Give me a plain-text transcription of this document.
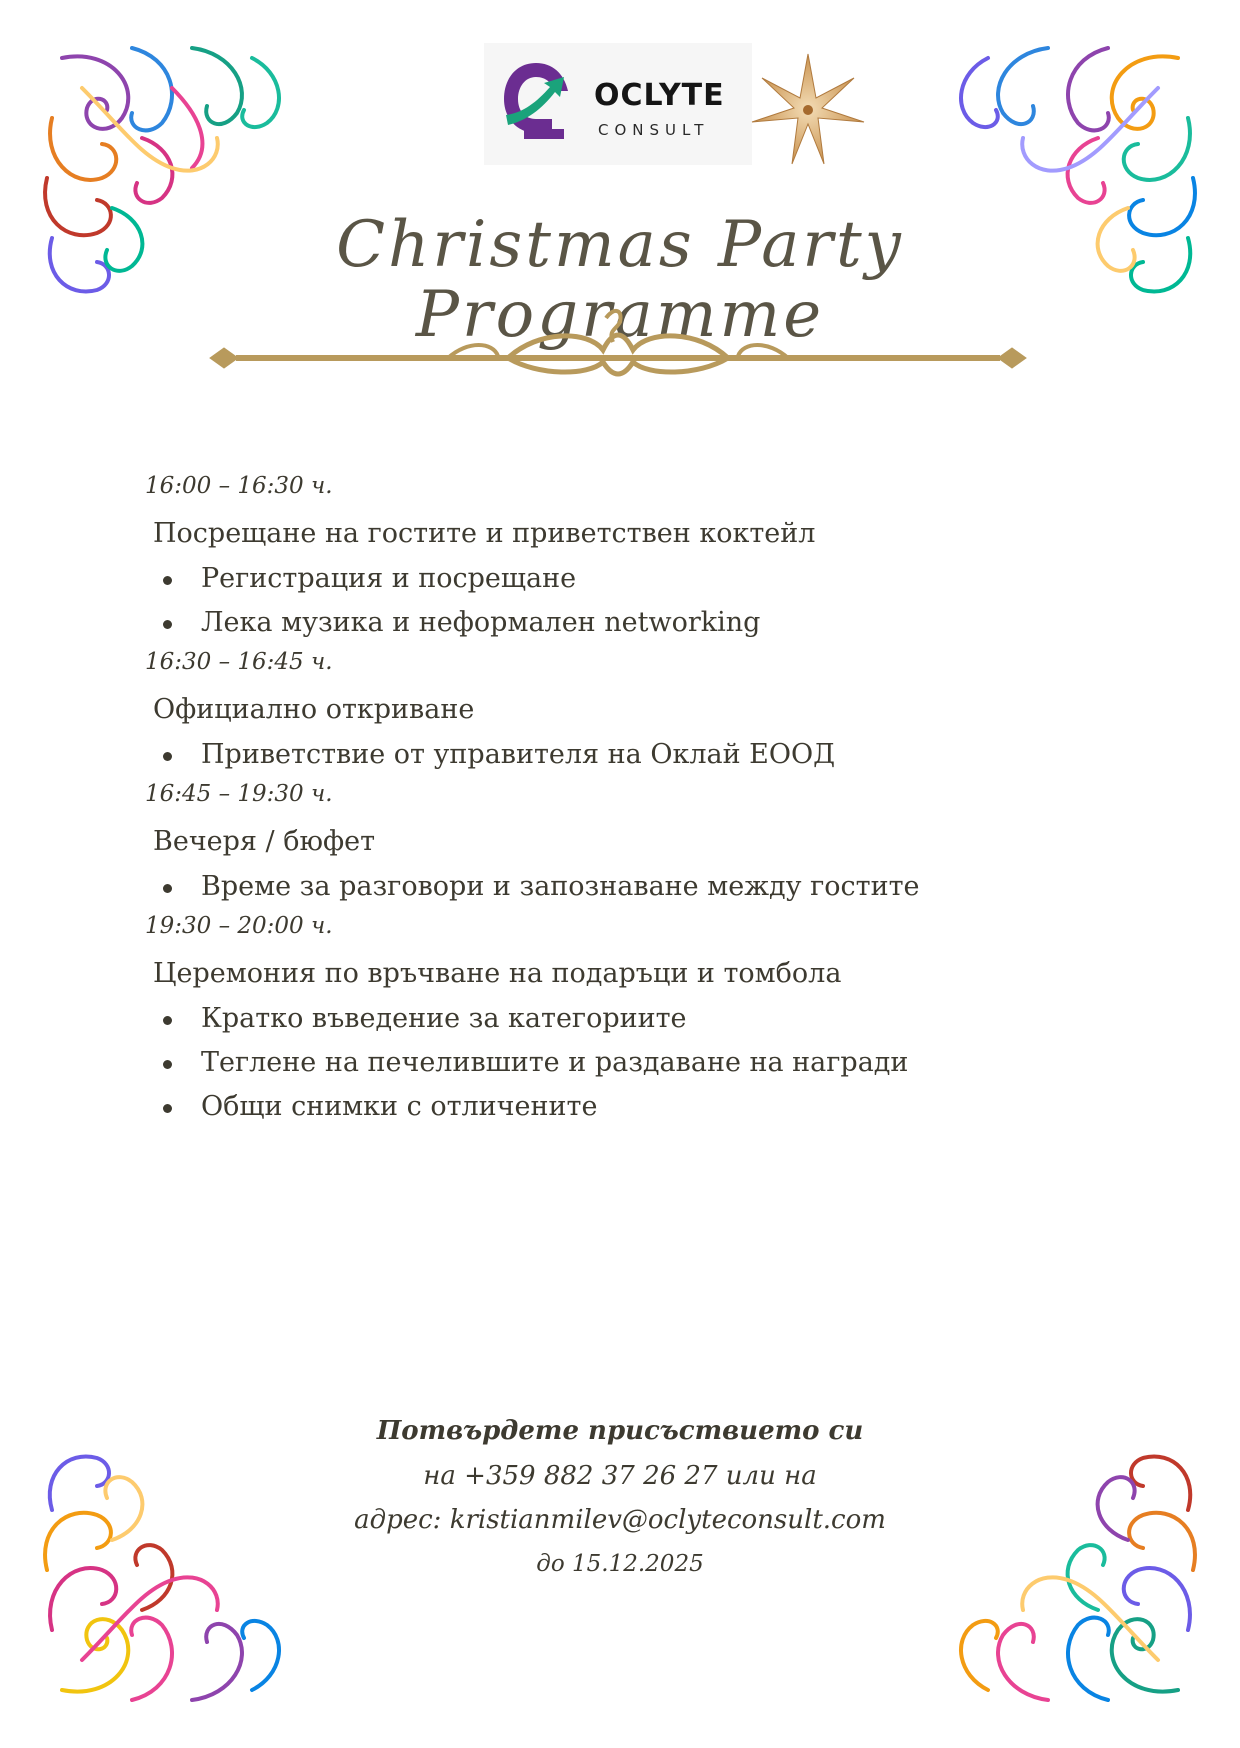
OCLYTE
CONSULT
Christmas Party Programme
16:00 – 16:30 ч.
Посрещане на гостите и приветствен коктейл
Регистрация и посрещане
Лека музика и неформален networking
16:30 – 16:45 ч.
Официално откриване
Приветствие от управителя на Оклай ЕООД
16:45 – 19:30 ч.
Вечеря / бюфет
Време за разговори и запознаване между гостите
19:30 – 20:00 ч.
Церемония по връчване на подаръци и томбола
Кратко въведение за категориите
Теглене на печелившите и раздаване на награди
Общи снимки с отличените
Потвърдете присъствието си
на +359 882 37 26 27 или на
адрес: kristianmilev@oclyteconsult.com
до 15.12.2025
